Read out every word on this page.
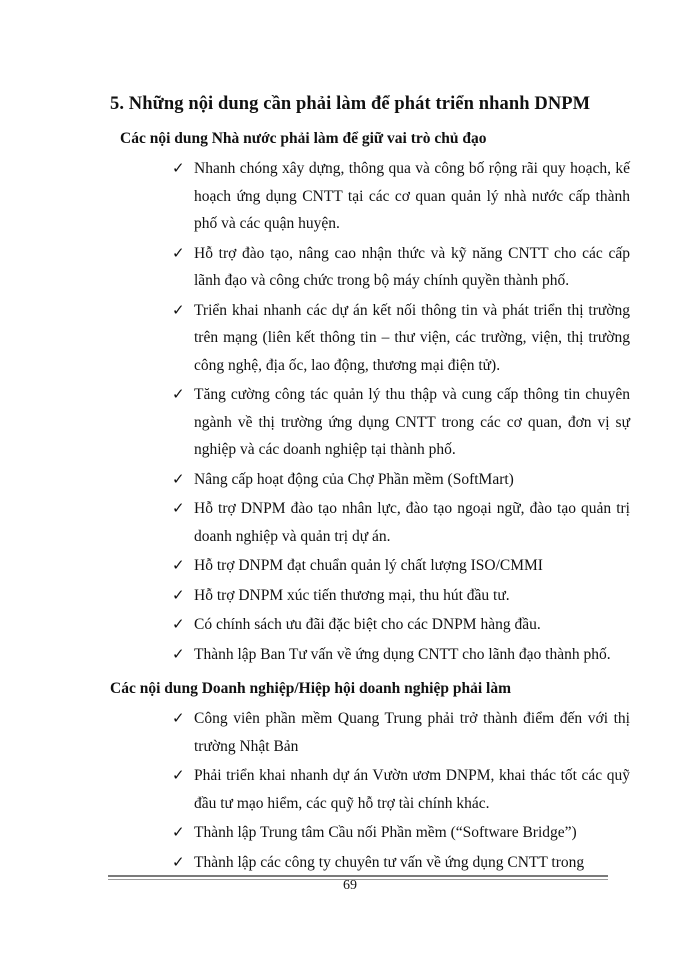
5. Những nội dung cần phải làm để phát triển nhanh DNPM
Các nội dung Nhà nước phải làm để giữ vai trò chủ đạo
✓ Nhanh chóng xây dựng, thông qua và công bố rộng rãi quy hoạch, kế hoạch ứng dụng CNTT tại các cơ quan quản lý nhà nước cấp thành phố và các quận huyện.
✓ Hỗ trợ đào tạo, nâng cao nhận thức và kỹ năng CNTT cho các cấp lãnh đạo và công chức trong bộ máy chính quyền thành phố.
✓ Triển khai nhanh các dự án kết nối thông tin và phát triển thị trường trên mạng (liên kết thông tin – thư viện, các trường, viện, thị trường công nghệ, địa ốc, lao động, thương mại điện tử).
✓ Tăng cường công tác quản lý thu thập và cung cấp thông tin chuyên ngành về thị trường ứng dụng CNTT trong các cơ quan, đơn vị sự nghiệp và các doanh nghiệp tại thành phố.
✓ Nâng cấp hoạt động của Chợ Phần mềm (SoftMart)
✓ Hỗ trợ DNPM đào tạo nhân lực, đào tạo ngoại ngữ, đào tạo quản trị doanh nghiệp và quản trị dự án.
✓ Hỗ trợ DNPM đạt chuẩn quản lý chất lượng ISO/CMMI
✓ Hỗ trợ DNPM xúc tiến thương mại, thu hút đầu tư.
✓ Có chính sách ưu đãi đặc biệt cho các DNPM hàng đầu.
✓ Thành lập Ban Tư vấn về ứng dụng CNTT cho lãnh đạo thành phố.
Các nội dung Doanh nghiệp/Hiệp hội doanh nghiệp phải làm
✓ Công viên phần mềm Quang Trung phải trở thành điểm đến với thị trường Nhật Bản
✓ Phải triển khai nhanh dự án Vườn ươm DNPM, khai thác tốt các quỹ đầu tư mạo hiểm, các quỹ hỗ trợ tài chính khác.
✓ Thành lập Trung tâm Cầu nối Phần mềm (“Software Bridge”)
✓ Thành lập các công ty chuyên tư vấn về ứng dụng CNTT trong
69
